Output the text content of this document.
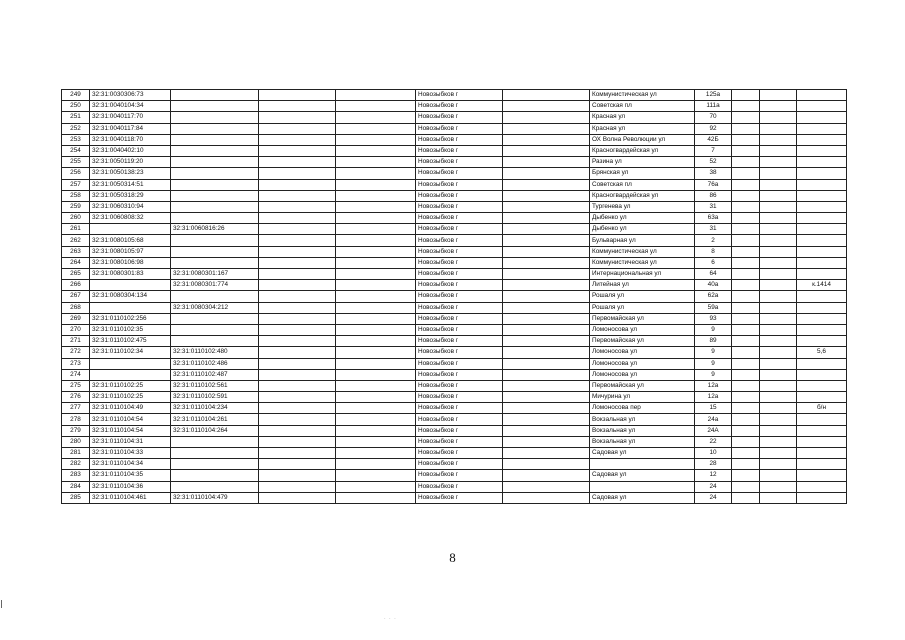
249	32:31:0030306:73				Новозыбков г		Коммунистическая ул	125а			
250	32:31:0040104:34				Новозыбков г		Советская пл	111а			
251	32:31:0040117:70				Новозыбков г		Красная ул	70			
252	32:31:0040117:84				Новозыбков г		Красная ул	92			
253	32:31:0040118:70				Новозыбков г		ОХ Волна Революции ул	42Б			
254	32:31:0040402:10				Новозыбков г		Красногвардейская ул	7			
255	32:31:0050119:20				Новозыбков г		Разина ул	52			
256	32:31:0050138:23				Новозыбков г		Брянская ул	38			
257	32:31:0050314:51				Новозыбков г		Советская пл	76а			
258	32:31:0050318:29				Новозыбков г		Красногвардейская ул	86			
259	32:31:0060310:94				Новозыбков г		Тургенева ул	31			
260	32:31:0060808:32				Новозыбков г		Дыбенко ул	63а			
261		32:31:0060816:26			Новозыбков г		Дыбенко ул	31			
262	32:31:0080105:68				Новозыбков г		Бульварная ул	2			
263	32:31:0080105:97				Новозыбков г		Коммунистическая ул	8			
264	32:31:0080106:98				Новозыбков г		Коммунистическая ул	6			
265	32:31:0080301:83	32:31:0080301:167			Новозыбков г		Интернациональная ул	64			
266		32:31:0080301:774			Новозыбков г		Литейная ул	40а			к.1414
267	32:31:0080304:134				Новозыбков г		Рошаля ул	62а			
268		32:31:0080304:212			Новозыбков г		Рошаля ул	59а			
269	32:31:0110102:256				Новозыбков г		Первомайская ул	93			
270	32:31:0110102:35				Новозыбков г		Ломоносова ул	9			
271	32:31:0110102:475				Новозыбков г		Первомайская ул	89			
272	32:31:0110102:34	32:31:0110102:480			Новозыбков г		Ломоносова ул	9			5,6
273		32:31:0110102:486			Новозыбков г		Ломоносова ул	9			
274		32:31:0110102:487			Новозыбков г		Ломоносова ул	9			
275	32:31:0110102:25	32:31:0110102:561			Новозыбков г		Первомайская ул	12а			
276	32:31:0110102:25	32:31:0110102:591			Новозыбков г		Мичурина ул	12а			
277	32:31:0110104:49	32:31:0110104:234			Новозыбков г		Ломоносова пер	15			б/н
278	32:31:0110104:54	32:31:0110104:261			Новозыбков г		Вокзальная ул	24а			
279	32:31:0110104:54	32:31:0110104:264			Новозыбков г		Вокзальная ул	24А			
280	32:31:0110104:31				Новозыбков г		Вокзальная ул	22			
281	32:31:0110104:33				Новозыбков г		Садовая ул	10			
282	32:31:0110104:34				Новозыбков г			28			
283	32:31:0110104:35				Новозыбков г		Садовая ул	12			
284	32:31:0110104:36				Новозыбков г			24			
285	32:31:0110104:461	32:31:0110104:479			Новозыбков г		Садовая ул	24			
8
· · ·
